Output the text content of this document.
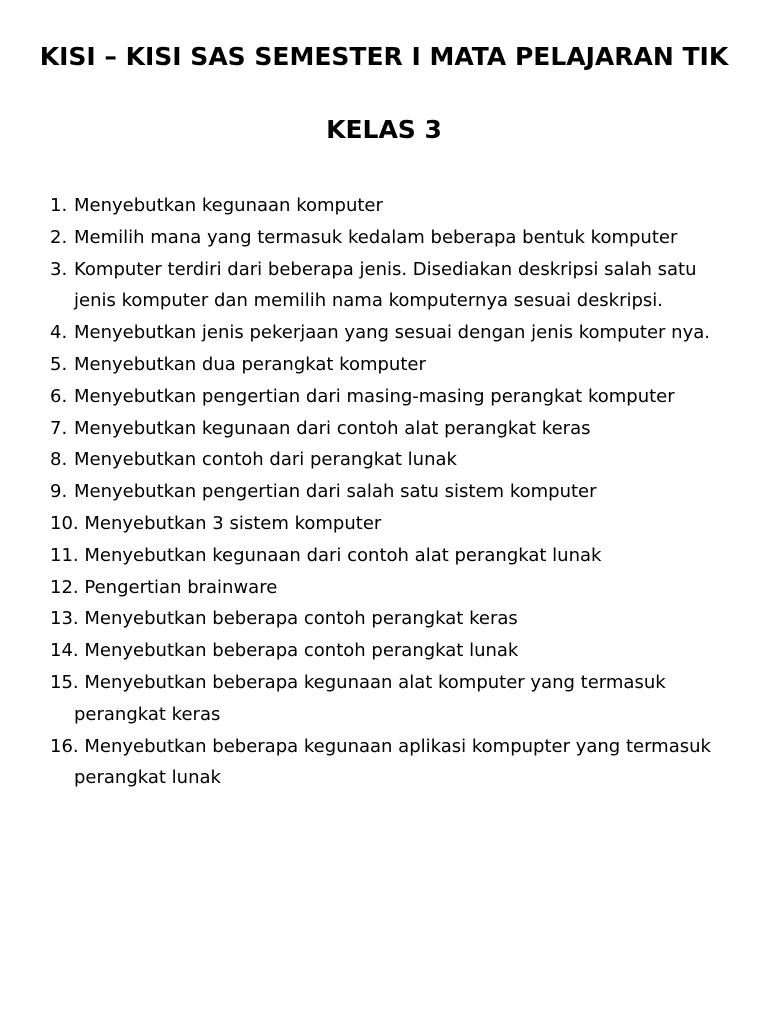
KISI – KISI SAS SEMESTER I MATA PELAJARAN TIK
KELAS 3
1. Menyebutkan kegunaan komputer
2. Memilih mana yang termasuk kedalam beberapa bentuk komputer
3. Komputer terdiri dari beberapa jenis. Disediakan deskripsi salah satu jenis komputer dan memilih nama komputernya sesuai deskripsi.
4. Menyebutkan jenis pekerjaan yang sesuai dengan jenis komputer nya.
5. Menyebutkan dua perangkat komputer
6. Menyebutkan pengertian dari masing-masing perangkat komputer
7. Menyebutkan kegunaan dari contoh alat perangkat keras
8. Menyebutkan contoh dari perangkat lunak
9. Menyebutkan pengertian dari salah satu sistem komputer
10. Menyebutkan 3 sistem komputer
11. Menyebutkan kegunaan dari contoh alat perangkat lunak
12. Pengertian brainware
13. Menyebutkan beberapa contoh perangkat keras
14. Menyebutkan beberapa contoh perangkat lunak
15. Menyebutkan beberapa kegunaan alat komputer yang termasuk perangkat keras
16. Menyebutkan beberapa kegunaan aplikasi kompupter yang termasuk perangkat lunak
